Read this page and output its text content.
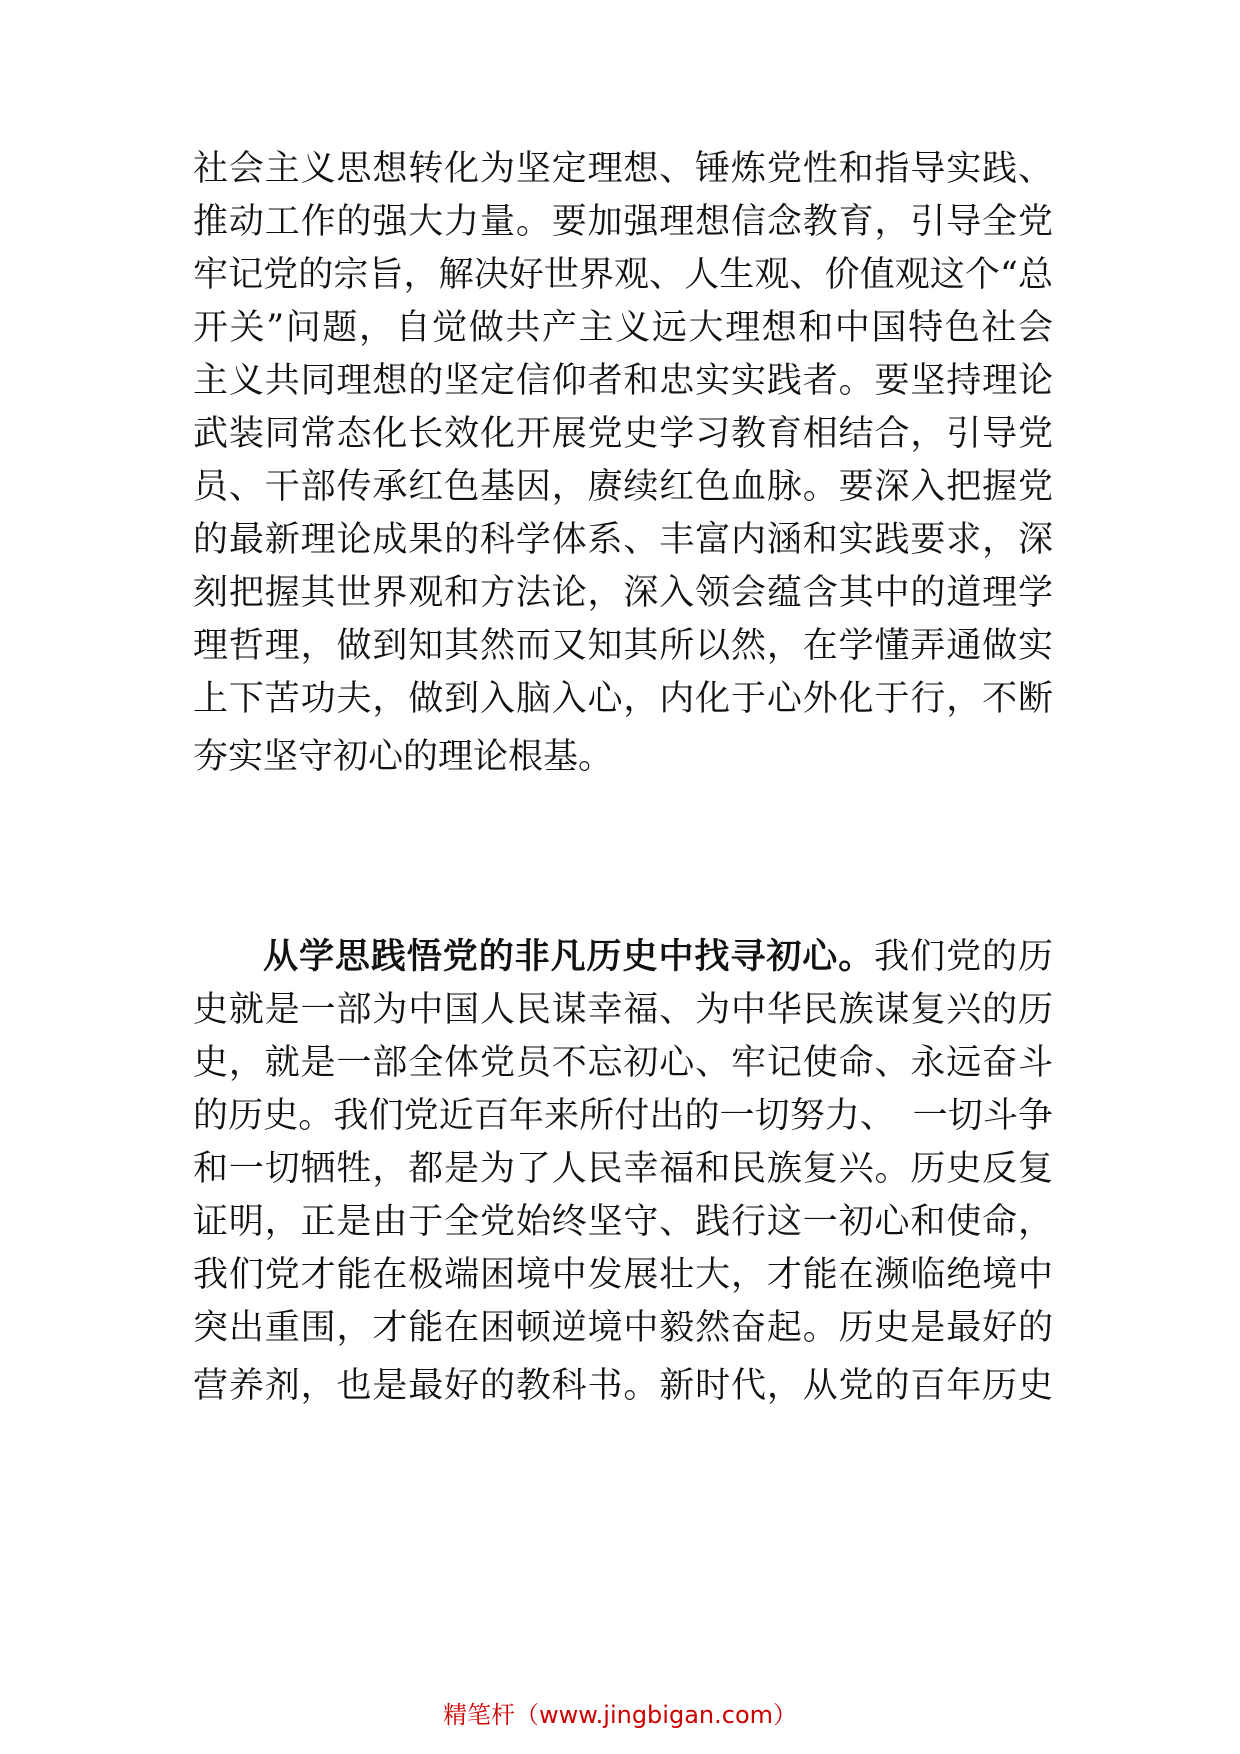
社会主义思想转化为坚定理想、锤炼党性和指导实践、
推动工作的强大力量。要加强理想信念教育，引导全党
牢记党的宗旨，解决好世界观、人生观、价值观这个“总
开关”问题，自觉做共产主义远大理想和中国特色社会
主义共同理想的坚定信仰者和忠实实践者。要坚持理论
武装同常态化长效化开展党史学习教育相结合，引导党
员、干部传承红色基因，赓续红色血脉。要深入把握党
的最新理论成果的科学体系、丰富内涵和实践要求，深
刻把握其世界观和方法论，深入领会蕴含其中的道理学
理哲理，做到知其然而又知其所以然，在学懂弄通做实
上下苦功夫，做到入脑入心，内化于心外化于行，不断
夯实坚守初心的理论根基。
从学思践悟党的非凡历史中找寻初心。我们党的历
史就是一部为中国人民谋幸福、为中华民族谋复兴的历
史，就是一部全体党员不忘初心、牢记使命、永远奋斗
的历史。我们党近百年来所付出的一切努力、　一切斗争
和一切牺牲，都是为了人民幸福和民族复兴。历史反复
证明，正是由于全党始终坚守、践行这一初心和使命，
我们党才能在极端困境中发展壮大，才能在濒临绝境中
突出重围，才能在困顿逆境中毅然奋起。历史是最好的
营养剂，也是最好的教科书。新时代，从党的百年历史
精笔杆（www.jingbigan.com）
